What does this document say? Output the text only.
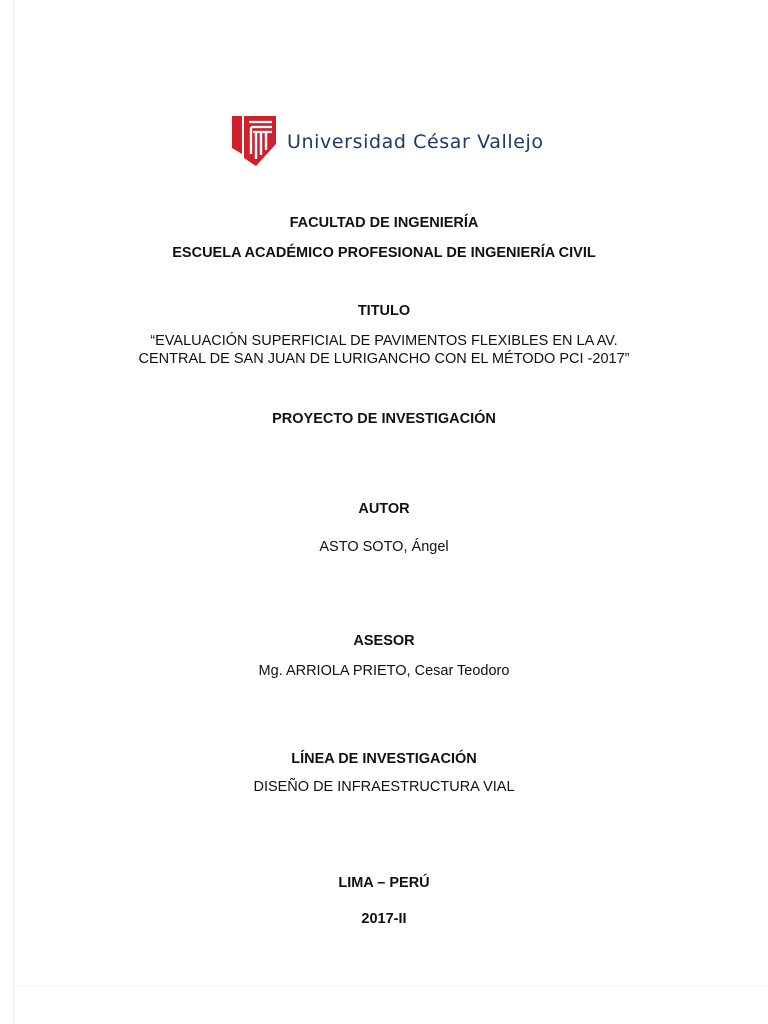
Universidad César Vallejo
FACULTAD DE INGENIERÍA
ESCUELA ACADÉMICO PROFESIONAL DE INGENIERÍA CIVIL
TITULO
“EVALUACIÓN SUPERFICIAL DE PAVIMENTOS FLEXIBLES EN LA AV.
CENTRAL DE SAN JUAN DE LURIGANCHO CON EL MÉTODO PCI -2017”
PROYECTO DE INVESTIGACIÓN
AUTOR
ASTO SOTO, Ángel
ASESOR
Mg. ARRIOLA PRIETO, Cesar Teodoro
LÍNEA DE INVESTIGACIÓN
DISEÑO DE INFRAESTRUCTURA VIAL
LIMA – PERÚ
2017-II
